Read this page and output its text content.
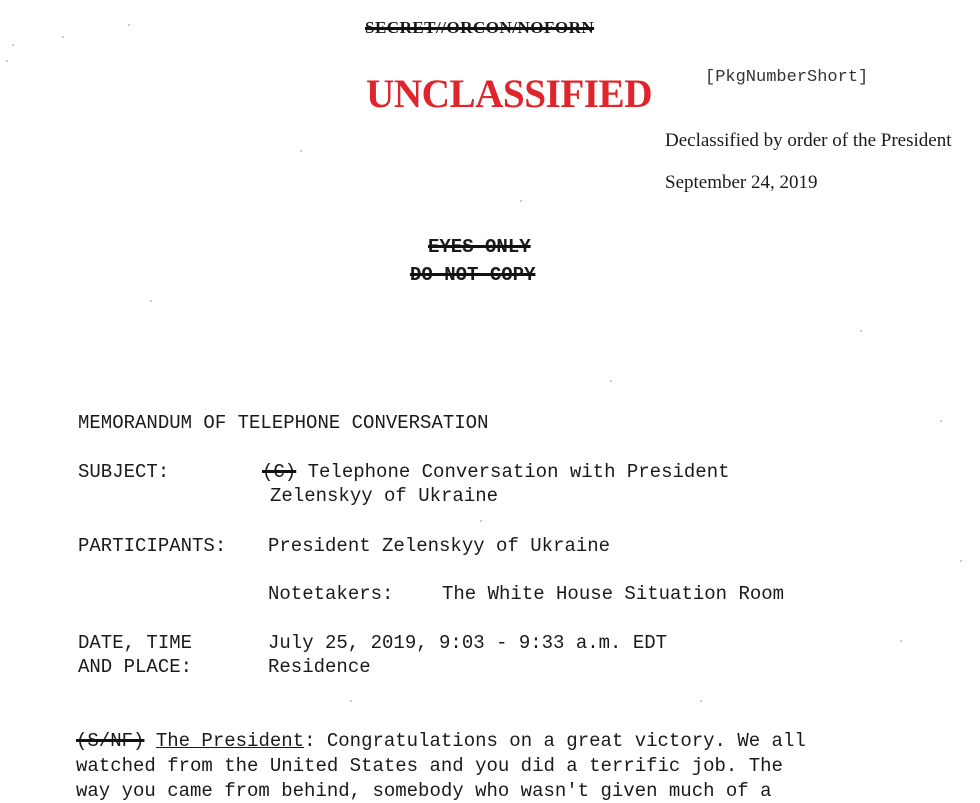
SECRET//ORCON/NOFORN
UNCLASSIFIED	[PkgNumberShort]
Declassified by order of the President
September 24, 2019
EYES ONLY
DO NOT COPY
MEMORANDUM OF TELEPHONE CONVERSATION
SUBJECT:	(C) Telephone Conversation with President
Zelenskyy of Ukraine
PARTICIPANTS: President Zelenskyy of Ukraine
Notetakers:	The White House Situation Room
DATE, TIME
AND PLACE:
July 25, 2019, 9:03 - 9:33 a.m. EDT
Residence
(S/NF) The President: Congratulations on a great victory. We all
watched from the United States and you did a terrific job. The
way you came from behind, somebody who wasn't given much of a
